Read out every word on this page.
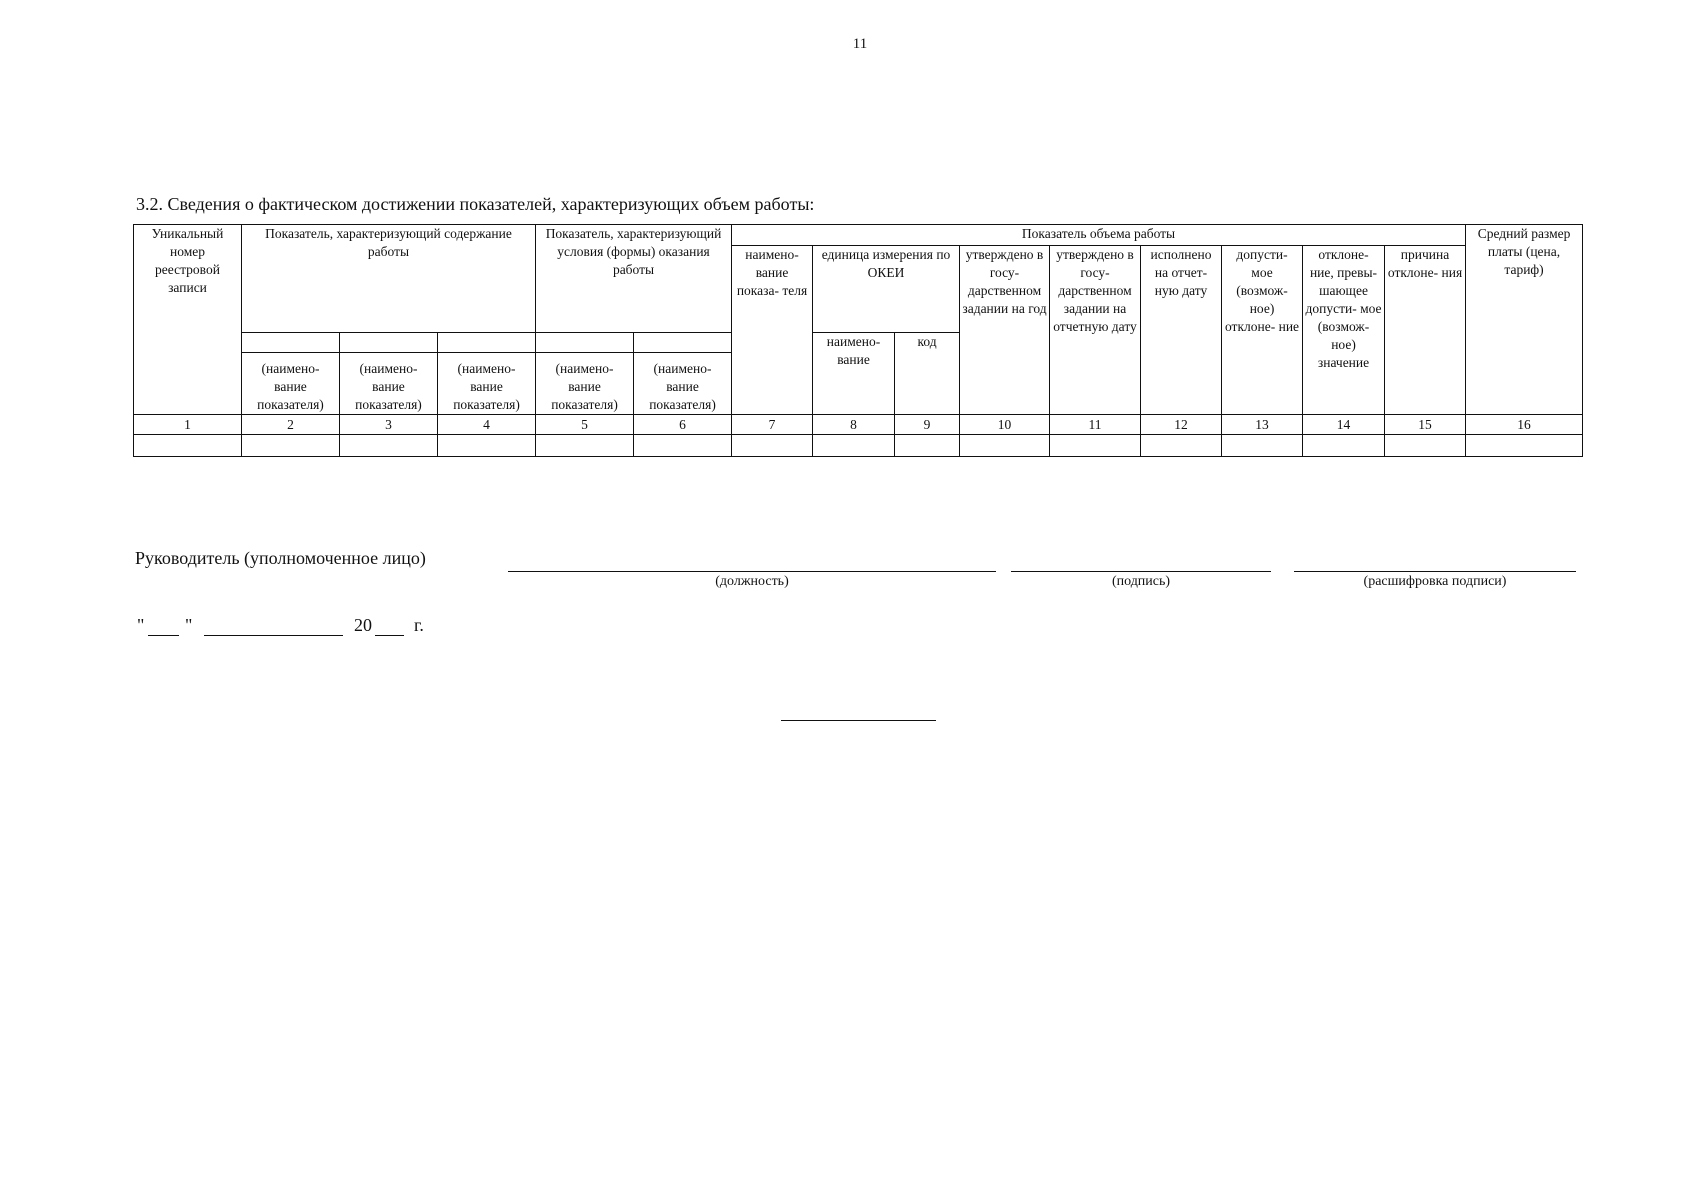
11
3.2. Сведения о фактическом достижении показателей, характеризующих объем работы:
Уникальный номер реестровой записи	Показатель, характеризующий содержание работы			Показатель, характеризующий условия (формы) оказания работы		Показатель объема работы									Средний размер платы (цена, тариф)
						наимено- вание показа- теля	единица измерения по ОКЕИ		утверждено в госу- дарственном задании на год	утверждено в госу- дарственном задании на отчетную дату	исполнено на отчет- ную дату	допусти- мое (возмож- ное) отклоне- ние	отклоне- ние, превы- шающее допусти- мое (возмож- ное) значение	причина отклоне- ния	
							наимено- вание	код							
	(наимено- вание показателя)	(наимено- вание показателя)	(наимено- вание показателя)	(наимено- вание показателя)	(наимено- вание показателя)										
1	2	3	4	5	6	7	8	9	10	11	12	13	14	15	16

Руководитель (уполномоченное лицо)
(должность)	(подпись)	(расшифровка подписи)
" "	20 г.
